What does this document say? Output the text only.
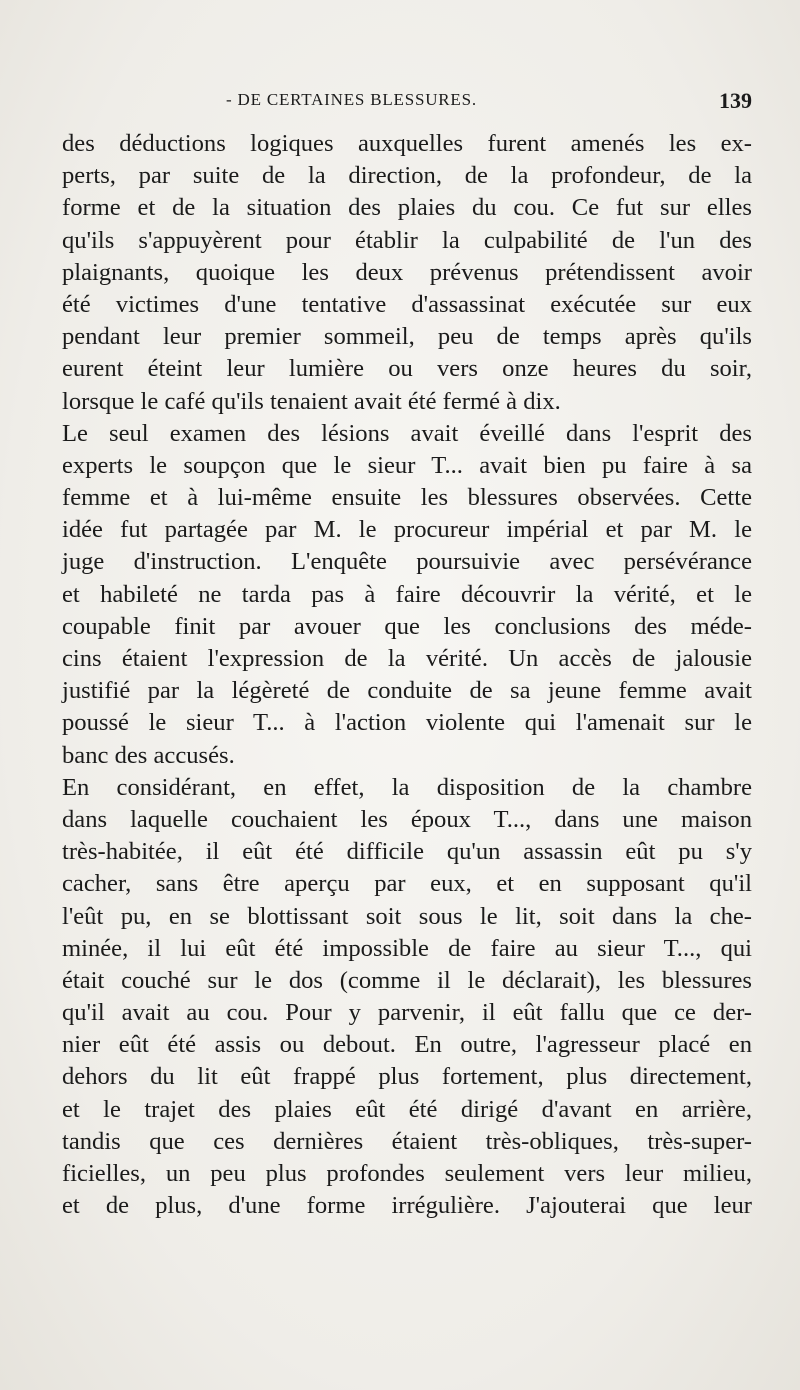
- DE CERTAINES BLESSURES.	139
des déductions logiques auxquelles furent amenés les ex-
perts, par suite de la direction, de la profondeur, de la
forme et de la situation des plaies du cou. Ce fut sur elles
qu'ils s'appuyèrent pour établir la culpabilité de l'un des
plaignants, quoique les deux prévenus prétendissent avoir
été victimes d'une tentative d'assassinat exécutée sur eux
pendant leur premier sommeil, peu de temps après qu'ils
eurent éteint leur lumière ou vers onze heures du soir,
lorsque le café qu'ils tenaient avait été fermé à dix.
Le seul examen des lésions avait éveillé dans l'esprit des
experts le soupçon que le sieur T... avait bien pu faire à sa
femme et à lui-même ensuite les blessures observées. Cette
idée fut partagée par M. le procureur impérial et par M. le
juge d'instruction. L'enquête poursuivie avec persévérance
et habileté ne tarda pas à faire découvrir la vérité, et le
coupable finit par avouer que les conclusions des méde-
cins étaient l'expression de la vérité. Un accès de jalousie
justifié par la légèreté de conduite de sa jeune femme avait
poussé le sieur T... à l'action violente qui l'amenait sur le
banc des accusés.
En considérant, en effet, la disposition de la chambre
dans laquelle couchaient les époux T..., dans une maison
très-habitée, il eût été difficile qu'un assassin eût pu s'y
cacher, sans être aperçu par eux, et en supposant qu'il
l'eût pu, en se blottissant soit sous le lit, soit dans la che-
minée, il lui eût été impossible de faire au sieur T..., qui
était couché sur le dos (comme il le déclarait), les blessures
qu'il avait au cou. Pour y parvenir, il eût fallu que ce der-
nier eût été assis ou debout. En outre, l'agresseur placé en
dehors du lit eût frappé plus fortement, plus directement,
et le trajet des plaies eût été dirigé d'avant en arrière,
tandis que ces dernières étaient très-obliques, très-super-
ficielles, un peu plus profondes seulement vers leur milieu,
et de plus, d'une forme irrégulière. J'ajouterai que leur
